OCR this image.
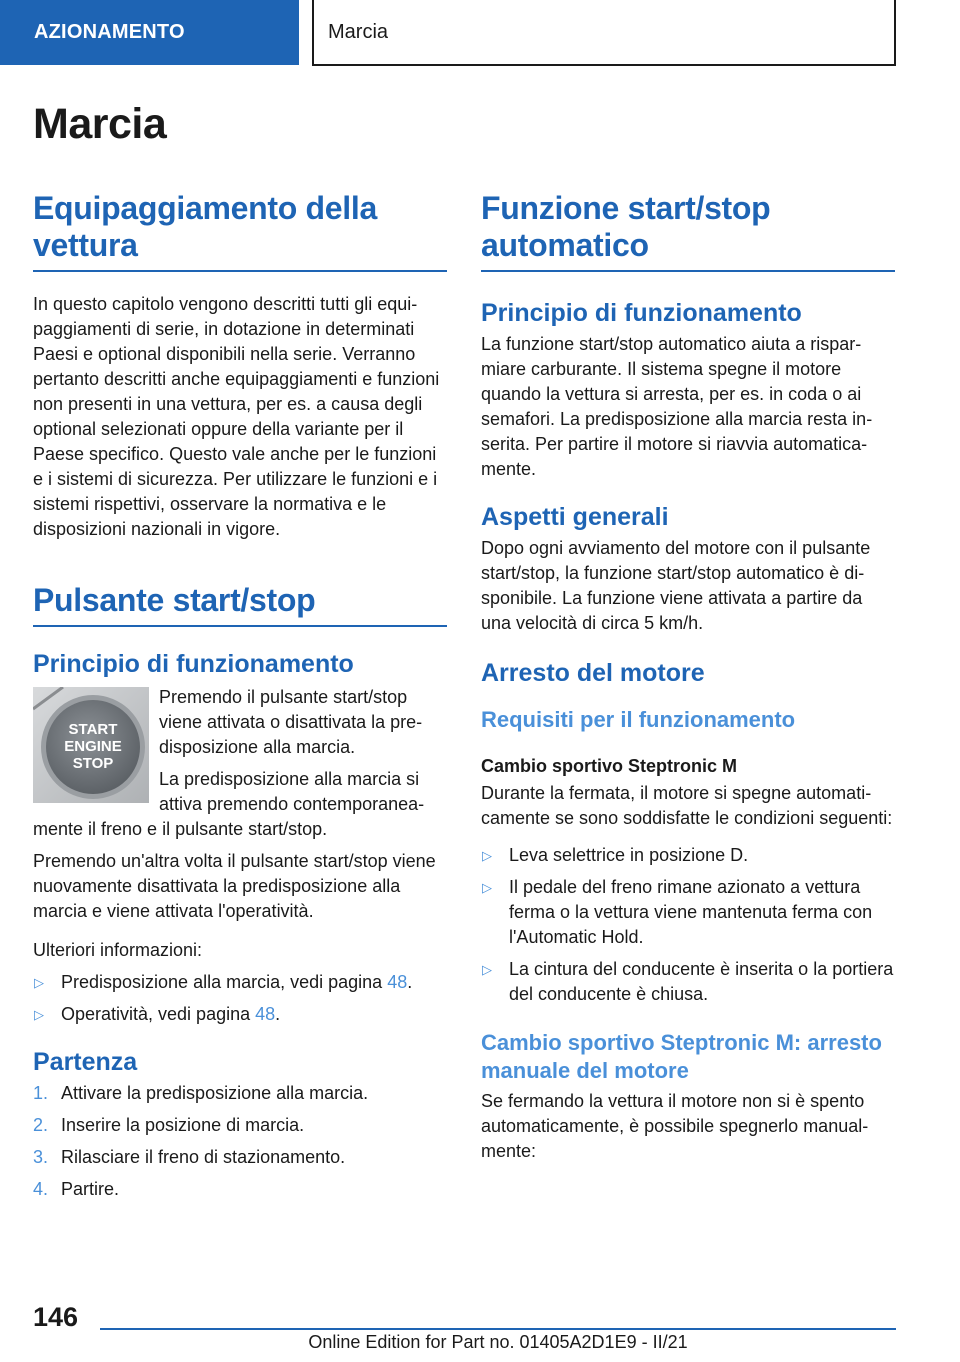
AZIONAMENTO	Marcia
Marcia
Equipaggiamento della vettura
In questo capitolo vengono descritti tutti gli equipaggiamenti di serie, in dotazione in determinati Paesi e optional disponibili nella serie. Verranno pertanto descritti anche equipaggiamenti e funzioni non presenti in una vettura, per es. a causa degli optional selezionati oppure della variante per il Paese specifico. Questo vale anche per le funzioni e i sistemi di sicurezza. Per utilizzare le funzioni e i sistemi rispettivi, osservare la normativa e le disposizioni nazionali in vigore.
Pulsante start/stop
Principio di funzionamento
START
ENGINE
STOP
Premendo il pulsante start/stop viene attivata o disattivata la predisposizione alla marcia.
La predisposizione alla marcia si attiva premendo contemporaneamente il freno e il pulsante start/stop.
Premendo un'altra volta il pulsante start/stop viene nuovamente disattivata la predisposizione alla marcia e viene attivata l'operatività.
Ulteriori informazioni:
▷ Predisposizione alla marcia, vedi pagina 48.
▷ Operatività, vedi pagina 48.
Partenza
1. Attivare la predisposizione alla marcia.
2. Inserire la posizione di marcia.
3. Rilasciare il freno di stazionamento.
4. Partire.
Funzione start/stop automatico
Principio di funzionamento
La funzione start/stop automatico aiuta a risparmiare carburante. Il sistema spegne il motore quando la vettura si arresta, per es. in coda o ai semafori. La predisposizione alla marcia resta inserita. Per partire il motore si riavvia automaticamente.
Aspetti generali
Dopo ogni avviamento del motore con il pulsante start/stop, la funzione start/stop automatico è disponibile. La funzione viene attivata a partire da una velocità di circa 5 km/h.
Arresto del motore
Requisiti per il funzionamento
Cambio sportivo Steptronic M
Durante la fermata, il motore si spegne automaticamente se sono soddisfatte le condizioni seguenti:
▷ Leva selettrice in posizione D.
▷ Il pedale del freno rimane azionato a vettura ferma o la vettura viene mantenuta ferma con l'Automatic Hold.
▷ La cintura del conducente è inserita o la portiera del conducente è chiusa.
Cambio sportivo Steptronic M: arresto manuale del motore
Se fermando la vettura il motore non si è spento automaticamente, è possibile spegnerlo manualmente:
146
Online Edition for Part no. 01405A2D1E9 - II/21
